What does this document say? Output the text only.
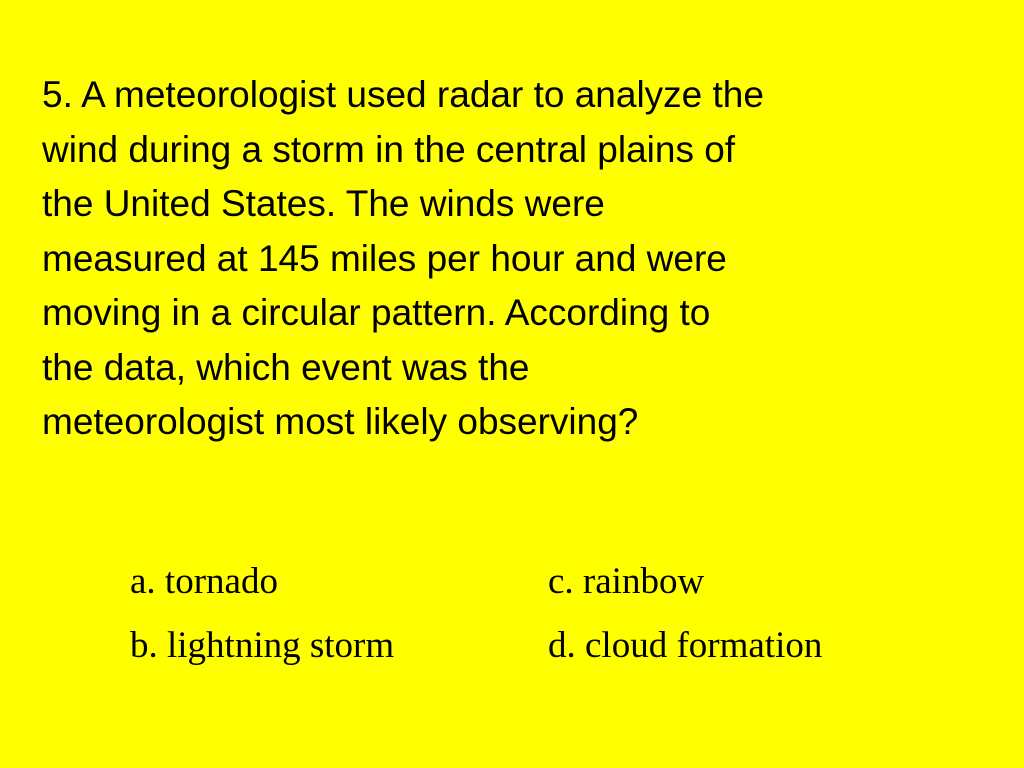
5. A meteorologist used radar to analyze the
wind during a storm in the central plains of
the United States. The winds were
measured at 145 miles per hour and were
moving in a circular pattern. According to
the data, which event was the
meteorologist most likely observing?

a. tornado	c. rainbow
b. lightning storm	d. cloud formation
